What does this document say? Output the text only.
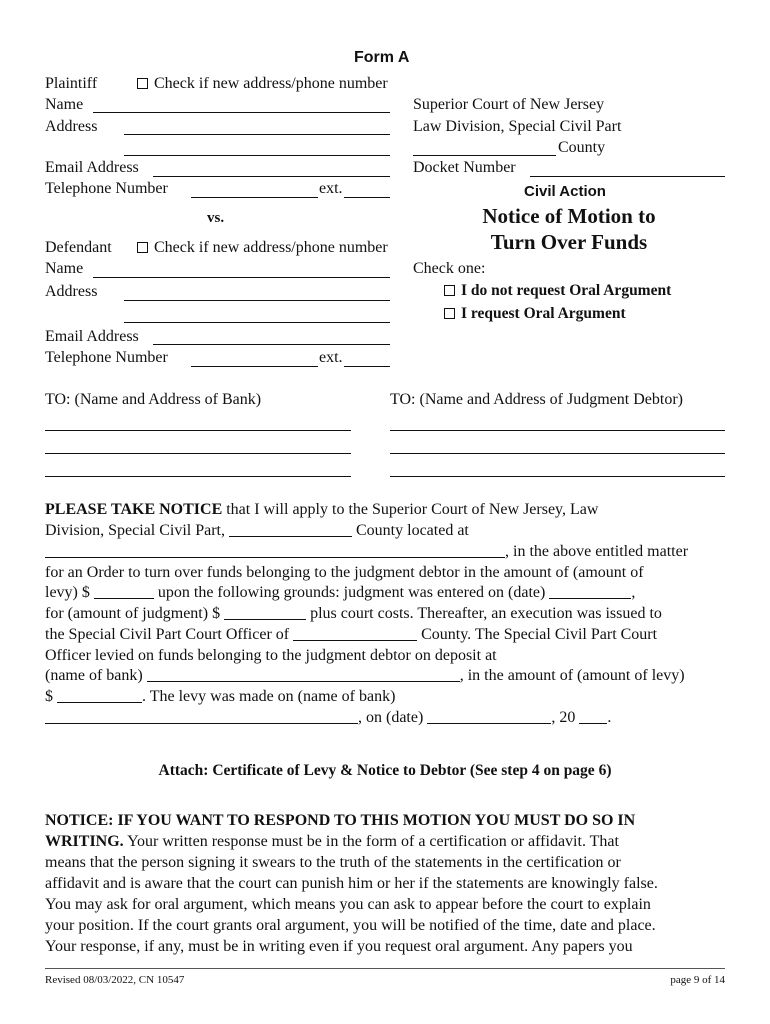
Form A
Plaintiff	Check if new address/phone number
Name
Address
Email Address
Telephone Number	ext.
vs.
Defendant	Check if new address/phone number
Name
Address
Email Address
Telephone Number	ext.
Superior Court of New Jersey
Law Division, Special Civil Part
County
Docket Number
Civil Action
Notice of Motion to
Turn Over Funds
Check one:
I do not request Oral Argument
I request Oral Argument
TO: (Name and Address of Bank)	TO: (Name and Address of Judgment Debtor)
PLEASE TAKE NOTICE that I will apply to the Superior Court of New Jersey, Law
Division, Special Civil Part,	County located at
, in the above entitled matter
for an Order to turn over funds belonging to the judgment debtor in the amount of (amount of
levy) $	upon the following grounds: judgment was entered on (date)	,
for (amount of judgment) $	plus court costs. Thereafter, an execution was issued to
the Special Civil Part Court Officer of	County. The Special Civil Part Court
Officer levied on funds belonging to the judgment debtor on deposit at
(name of bank)	, in the amount of (amount of levy)
$	. The levy was made on (name of bank)
, on (date)	, 20 .
Attach: Certificate of Levy & Notice to Debtor (See step 4 on page 6)
NOTICE: IF YOU WANT TO RESPOND TO THIS MOTION YOU MUST DO SO IN
WRITING. Your written response must be in the form of a certification or affidavit. That
means that the person signing it swears to the truth of the statements in the certification or
affidavit and is aware that the court can punish him or her if the statements are knowingly false.
You may ask for oral argument, which means you can ask to appear before the court to explain
your position. If the court grants oral argument, you will be notified of the time, date and place.
Your response, if any, must be in writing even if you request oral argument. Any papers you
Revised 08/03/2022, CN 10547	page 9 of 14
